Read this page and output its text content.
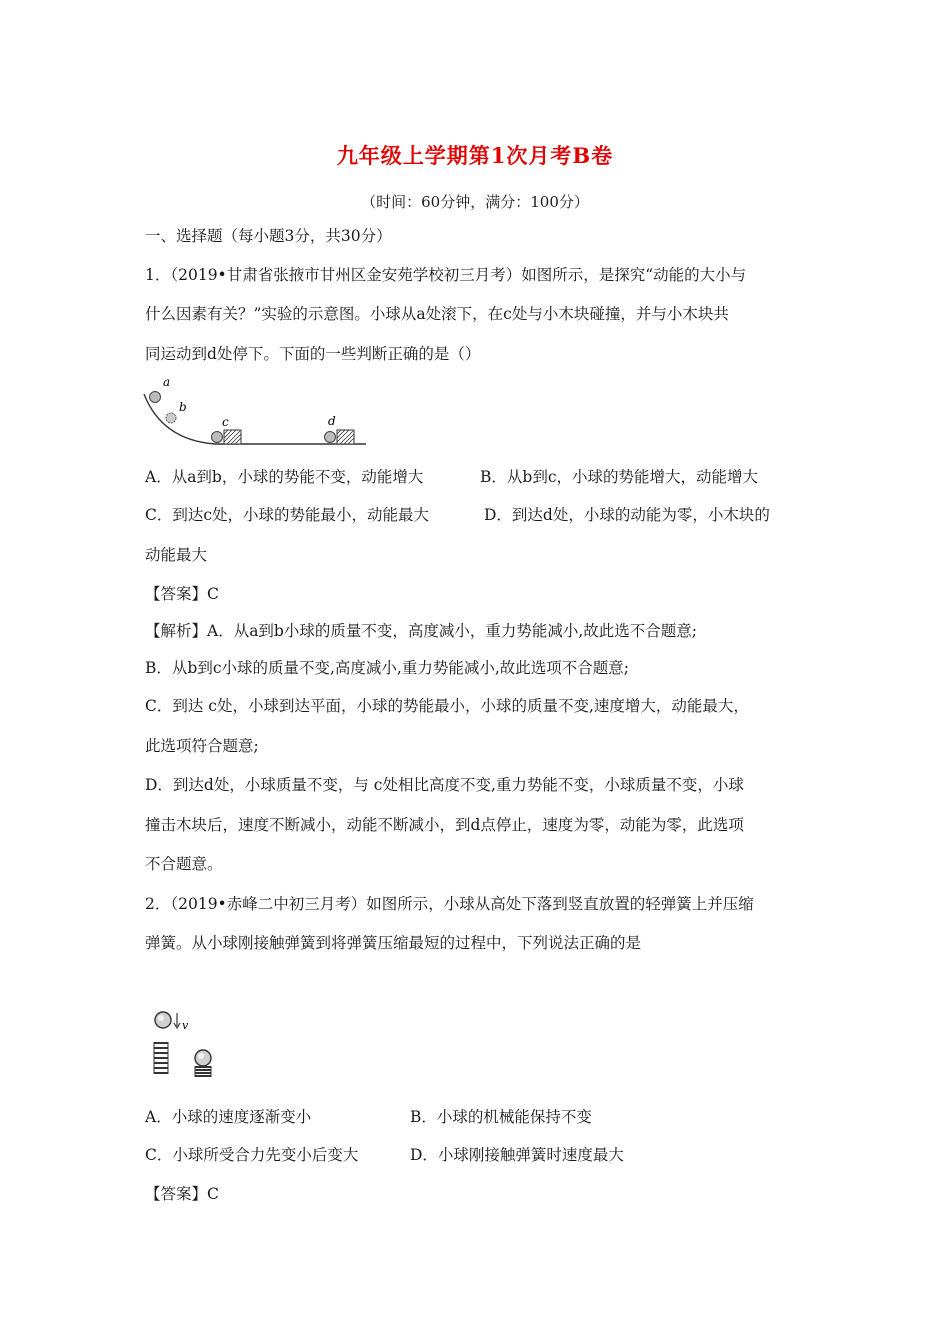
九年级上学期第1次月考B卷
（时间：60分钟，满分：100分）
一、选择题（每小题3分，共30分）
1．（2019•甘肃省张掖市甘州区金安苑学校初三月考）如图所示，是探究“动能的大小与
什么因素有关？”实验的示意图。小球从a处滚下，在c处与小木块碰撞，并与小木块共
同运动到d处停下。下面的一些判断正确的是（）
a
b
c	d
A．从a到b，小球的势能不变，动能增大	B．从b到c，小球的势能增大，动能增大
C．到达c处，小球的势能最小，动能最大	D．到达d处，小球的动能为零，小木块的
动能最大
【答案】C
【解析】A．从a到b小球的质量不变，高度减小，重力势能减小,故此选不合题意;
B．从b到c小球的质量不变,高度减小,重力势能减小,故此选项不合题意;
C．到达 c处，小球到达平面，小球的势能最小，小球的质量不变,速度增大，动能最大，
此选项符合题意;
D．到达d处，小球质量不变，与 c处相比高度不变,重力势能不变，小球质量不变，小球
撞击木块后，速度不断减小，动能不断减小，到d点停止，速度为零，动能为零，此选项
不合题意。
2．（2019•赤峰二中初三月考）如图所示，小球从高处下落到竖直放置的轻弹簧上并压缩
弹簧。从小球刚接触弹簧到将弹簧压缩最短的过程中，下列说法正确的是
v
A．小球的速度逐渐变小	B．小球的机械能保持不变
C．小球所受合力先变小后变大	D．小球刚接触弹簧时速度最大
【答案】C
